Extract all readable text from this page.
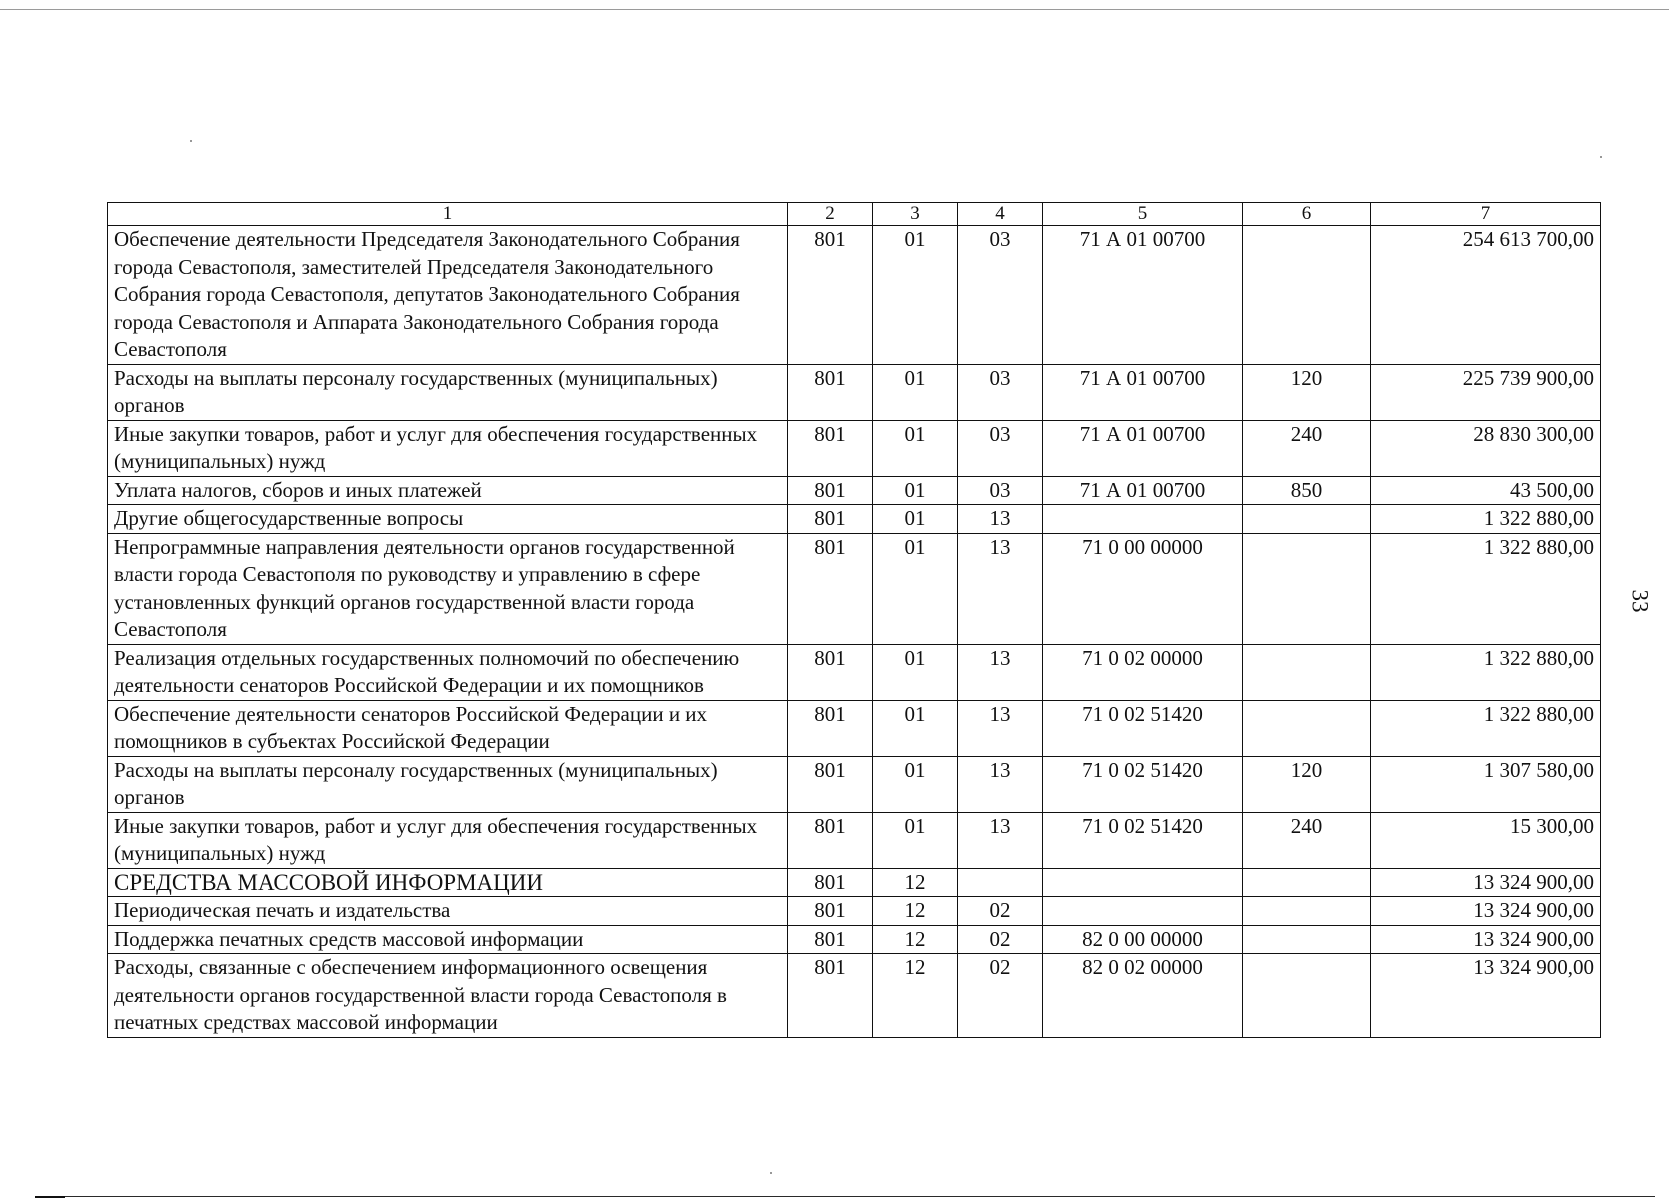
33
1	2	3	4	5	6	7
Обеспечение деятельности Председателя Законодательного Собрания города Севастополя, заместителей Председателя Законодательного Собрания города Севастополя, депутатов Законодательного Собрания города Севастополя и Аппарата Законодательного Собрания города Севастополя	801	01	03	71 А 01 00700		254 613 700,00
Расходы на выплаты персоналу государственных (муниципальных) органов	801	01	03	71 А 01 00700	120	225 739 900,00
Иные закупки товаров, работ и услуг для обеспечения государственных (муниципальных) нужд	801	01	03	71 А 01 00700	240	28 830 300,00
Уплата налогов, сборов и иных платежей	801	01	03	71 А 01 00700	850	43 500,00
Другие общегосударственные вопросы	801	01	13			1 322 880,00
Непрограммные направления деятельности органов государственной власти города Севастополя по руководству и управлению в сфере установленных функций органов государственной власти города Севастополя	801	01	13	71 0 00 00000		1 322 880,00
Реализация отдельных государственных полномочий по обеспечению деятельности сенаторов Российской Федерации и их помощников	801	01	13	71 0 02 00000		1 322 880,00
Обеспечение деятельности сенаторов Российской Федерации и их помощников в субъектах Российской Федерации	801	01	13	71 0 02 51420		1 322 880,00
Расходы на выплаты персоналу государственных (муниципальных) органов	801	01	13	71 0 02 51420	120	1 307 580,00
Иные закупки товаров, работ и услуг для обеспечения государственных (муниципальных) нужд	801	01	13	71 0 02 51420	240	15 300,00
СРЕДСТВА МАССОВОЙ ИНФОРМАЦИИ	801	12				13 324 900,00
Периодическая печать и издательства	801	12	02			13 324 900,00
Поддержка печатных средств массовой информации	801	12	02	82 0 00 00000		13 324 900,00
Расходы, связанные с обеспечением информационного освещения деятельности органов государственной власти города Севастополя в печатных средствах массовой информации	801	12	02	82 0 02 00000		13 324 900,00
